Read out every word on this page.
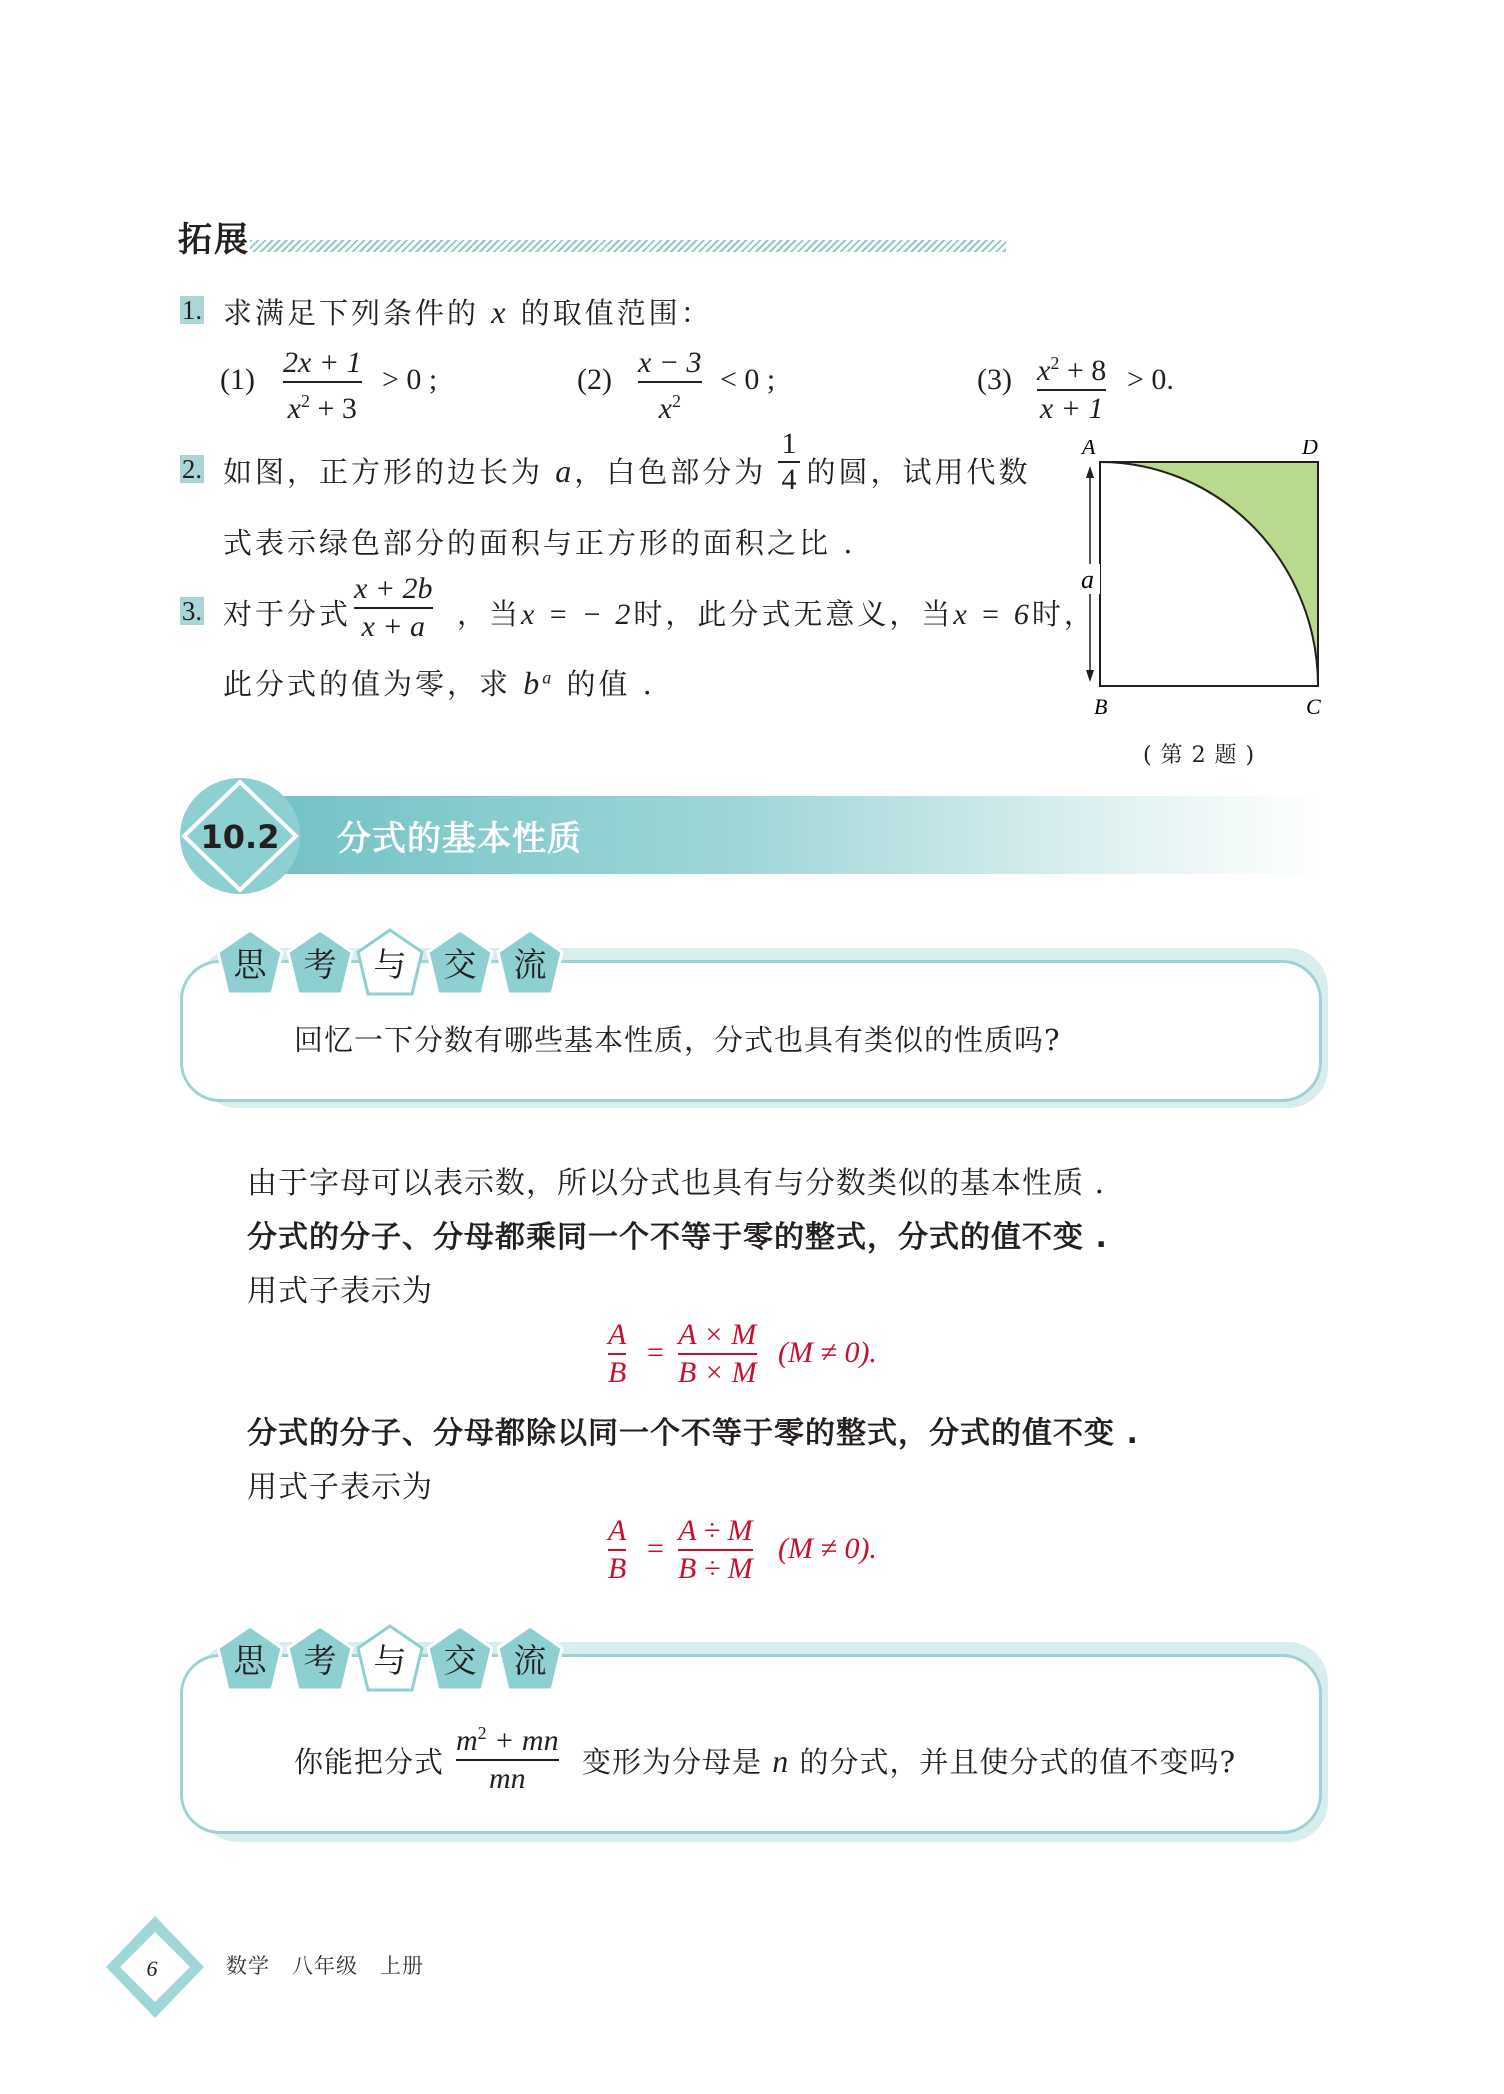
拓展
1. 求满足下列条件的 x 的取值范围：
(1)
2x + 1
$x^2 + 3$
> 0 ;	(2)
x − 3
$x^2$
< 0 ;	(3) $x^2 + 8$
x + 1
> 0.
2. 如图，正方形的边长为 a，白色部分为 的圆，试用代数
1
4
式表示绿色部分的面积与正方形的面积之比 .
3. 对于分式	，当x = − 2时，此分式无意义，当x = 6时，
x + 2b
x + a
此分式的值为零，求 $b^a$ 的值 .
A	D
B	C
a
( 第 2 题 )
10.2 分式的基本性质
思	考	与	交	流
回忆一下分数有哪些基本性质，分式也具有类似的性质吗?
由于字母可以表示数，所以分式也具有与分数类似的基本性质 .
分式的分子、分母都乘同一个不等于零的整式，分式的值不变 .
用式子表示为
A
B
=
A × M
B × M
(M ≠ 0).
分式的分子、分母都除以同一个不等于零的整式，分式的值不变 .
用式子表示为
A
B
=
A ÷ M
B ÷ M
(M ≠ 0).
思	考	与	交	流
你能把分式
$m^2$ + mn
mn 变形为分母是 n 的分式，并且使分式的值不变吗?
6	数学 八年级 上册
